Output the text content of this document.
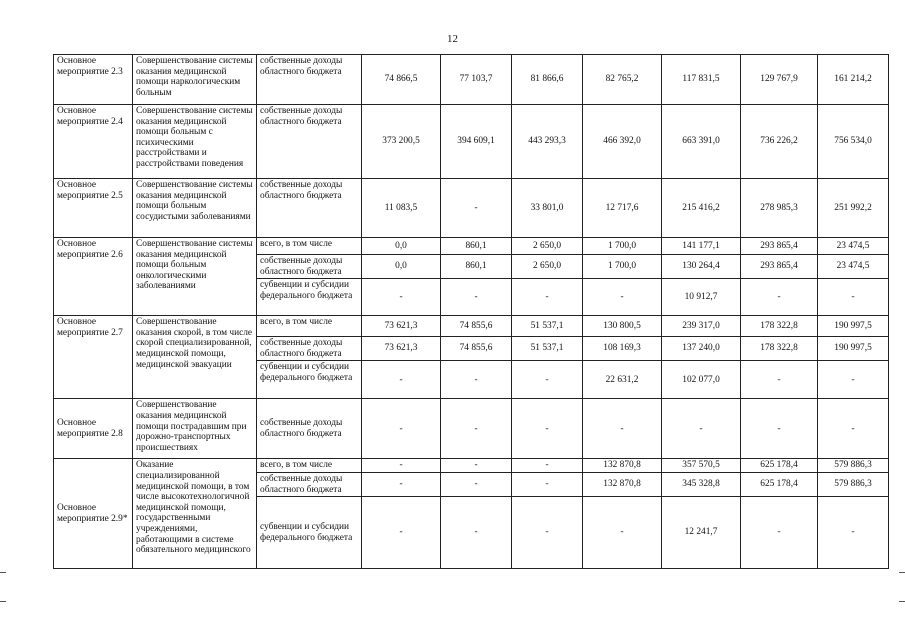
12
Основное мероприятие 2.3	Совершенствование системы оказания медицинской помощи наркологическим больным	собственные доходы областного бюджета	74 866,5	77 103,7	81 866,6	82 765,2	117 831,5	129 767,9	161 214,2
Основное мероприятие 2.4	Совершенствование системы оказания медицинской помощи больным с психическими расстройствами и расстройствами поведения	собственные доходы областного бюджета	373 200,5	394 609,1	443 293,3	466 392,0	663 391,0	736 226,2	756 534,0
Основное мероприятие 2.5	Совершенствование системы оказания медицинской помощи больным сосудистыми заболеваниями	собственные доходы областного бюджета	11 083,5	-	33 801,0	12 717,6	215 416,2	278 985,3	251 992,2
Основное мероприятие 2.6	Совершенствование системы оказания медицинской помощи больным онкологическими заболеваниями	всего, в том числе	0,0	860,1	2 650,0	1 700,0	141 177,1	293 865,4	23 474,5
		собственные доходы областного бюджета	0,0	860,1	2 650,0	1 700,0	130 264,4	293 865,4	23 474,5
		субвенции и субсидии федерального бюджета	-	-	-	-	10 912,7	-	-
Основное мероприятие 2.7	Совершенствование оказания скорой, в том числе скорой специализированной, медицинской помощи, медицинской эвакуации	всего, в том числе	73 621,3	74 855,6	51 537,1	130 800,5	239 317,0	178 322,8	190 997,5
		собственные доходы областного бюджета	73 621,3	74 855,6	51 537,1	108 169,3	137 240,0	178 322,8	190 997,5
		субвенции и субсидии федерального бюджета	-	-	-	22 631,2	102 077,0	-	-
Основное мероприятие 2.8	Совершенствование оказания медицинской помощи пострадавшим при дорожно-транспортных происшествиях	собственные доходы областного бюджета	-	-	-	-	-	-	-
Основное мероприятие 2.9*	Оказание специализированной медицинской помощи, в том числе высокотехнологичной медицинской помощи, государственными учреждениями, работающими в системе обязательного медицинского	всего, в том числе	-	-	-	132 870,8	357 570,5	625 178,4	579 886,3
		собственные доходы областного бюджета	-	-	-	132 870,8	345 328,8	625 178,4	579 886,3
		субвенции и субсидии федерального бюджета	-	-	-	-	12 241,7	-	-
